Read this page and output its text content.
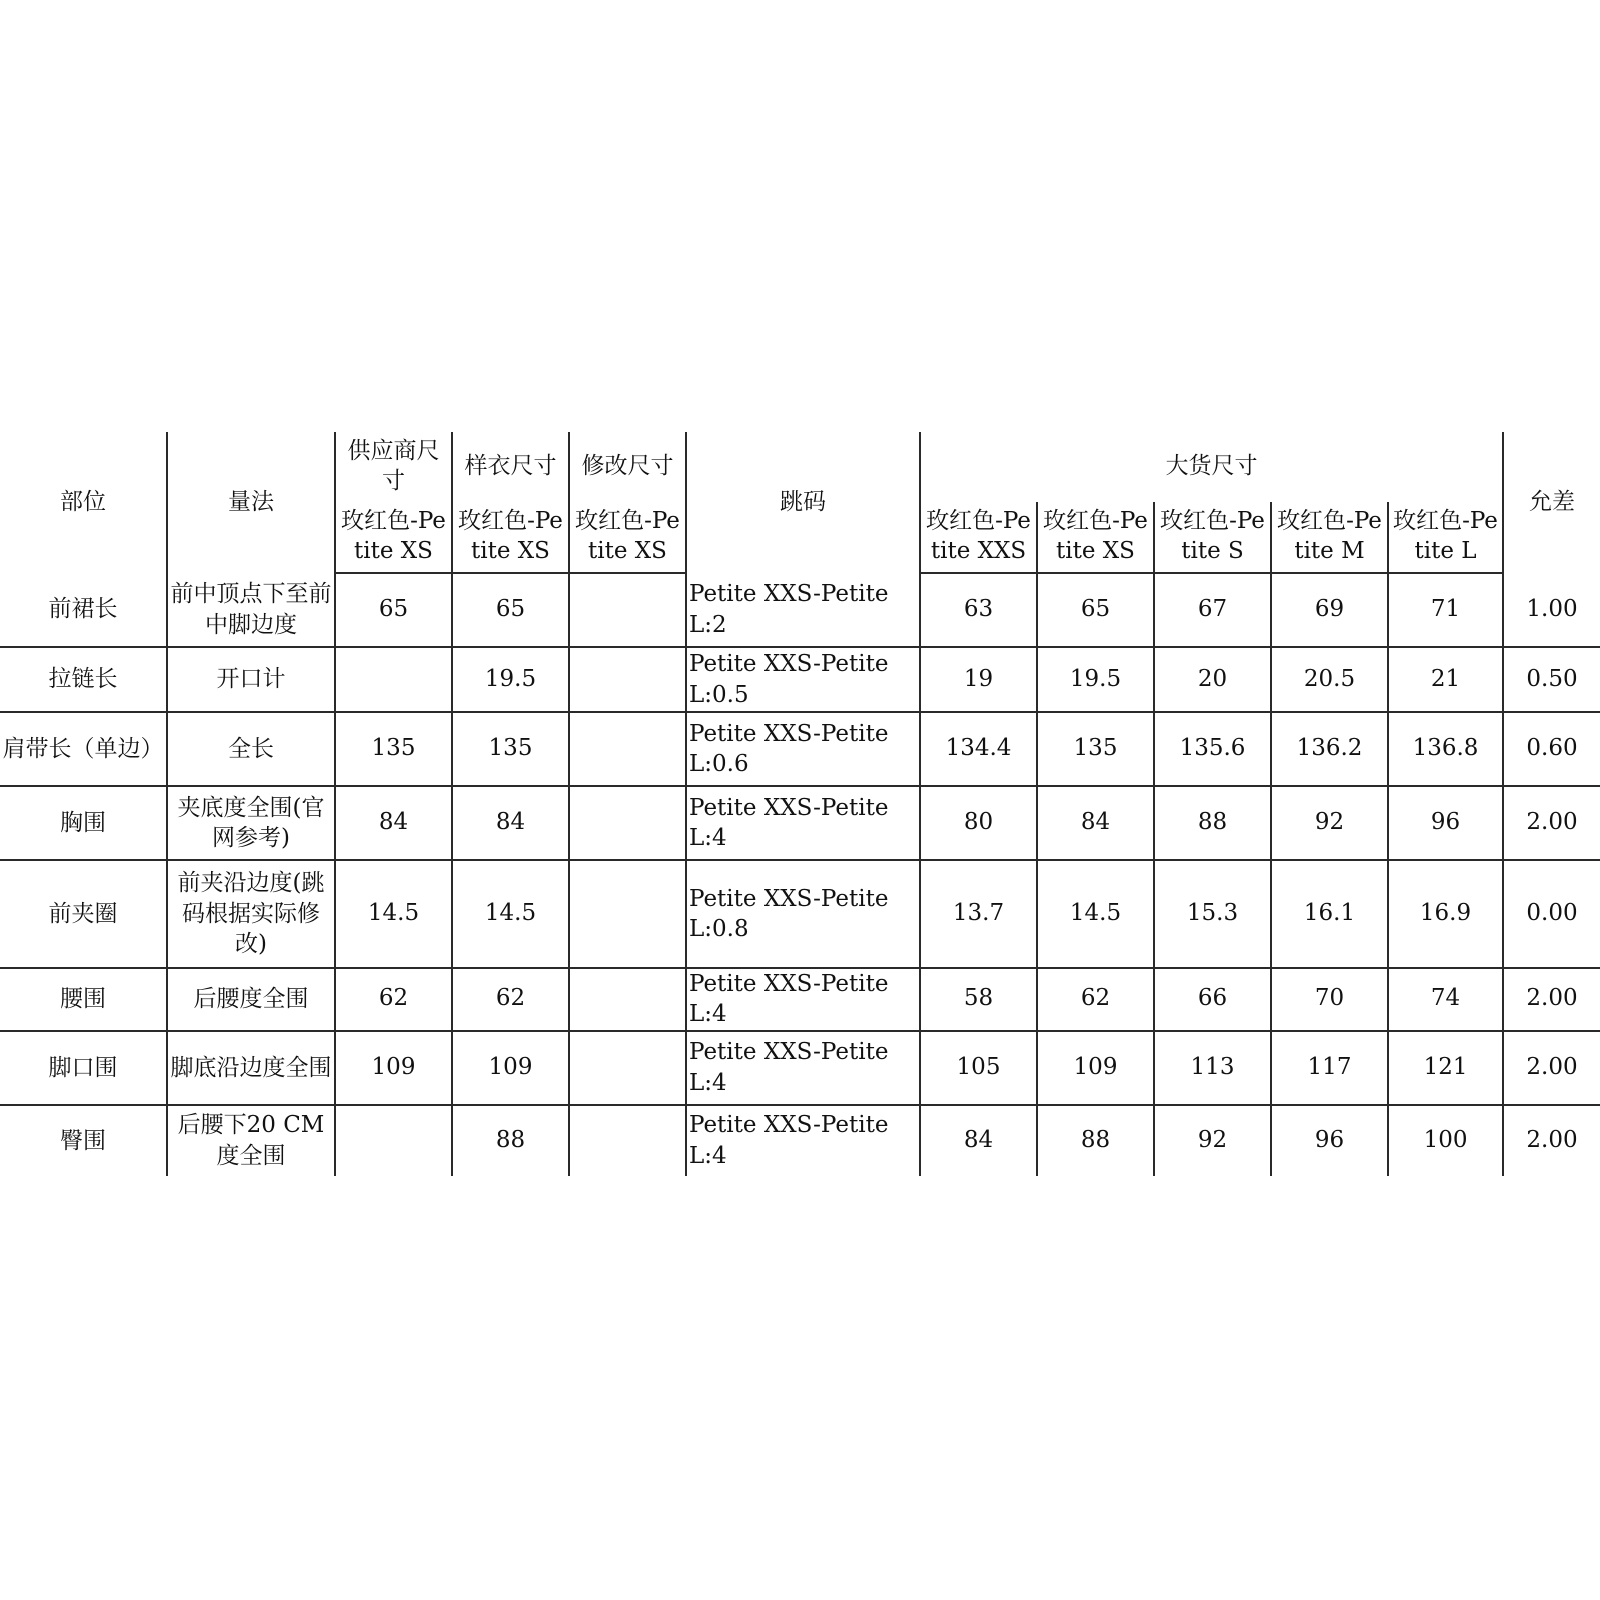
部位	量法	供应商尺寸	样衣尺寸	修改尺寸	跳码	大货尺寸					允差
		玫红色-Petite XS	玫红色-Petite XS	玫红色-Petite XS		玫红色-Petite XXS	玫红色-Petite XS	玫红色-Petite S	玫红色-Petite M	玫红色-Petite L	
前裙长	前中顶点下至前中脚边度	65	65		Petite XXS-Petite L:2	63	65	67	69	71	1.00
拉链长	开口计		19.5		Petite XXS-Petite L:0.5	19	19.5	20	20.5	21	0.50
肩带长（单边）	全长	135	135		Petite XXS-Petite L:0.6	134.4	135	135.6	136.2	136.8	0.60
胸围	夹底度全围(官网参考)	84	84		Petite XXS-Petite L:4	80	84	88	92	96	2.00
前夹圈	前夹沿边度(跳码根据实际修改)	14.5	14.5		Petite XXS-Petite L:0.8	13.7	14.5	15.3	16.1	16.9	0.00
腰围	后腰度全围	62	62		Petite XXS-Petite L:4	58	62	66	70	74	2.00
脚口围	脚底沿边度全围	109	109		Petite XXS-Petite L:4	105	109	113	117	121	2.00
臀围	后腰下20 CM度全围		88		Petite XXS-Petite L:4	84	88	92	96	100	2.00
